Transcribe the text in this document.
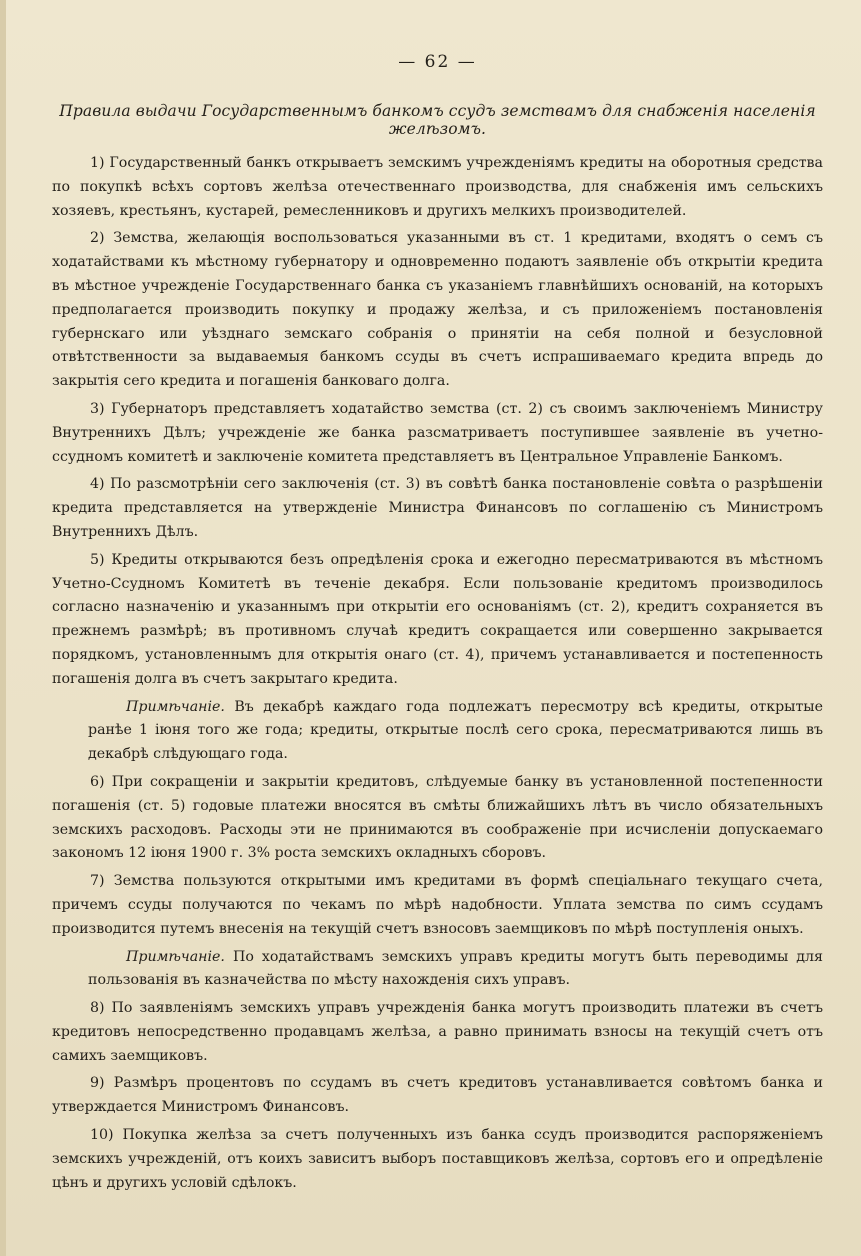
— 62 —
Правила выдачи Государственнымъ банкомъ ссудъ земствамъ для снабженія населенія желѣзомъ.

1) Государственный банкъ открываетъ земскимъ учрежденіямъ кредиты на оборотныя средства по покупкѣ всѣхъ сортовъ желѣза отечественнаго производства, для снабженія имъ сельскихъ хозяевъ, крестьянъ, кустарей, ремесленниковъ и другихъ мелкихъ производителей.

2) Земства, желающія воспользоваться указанными въ ст. 1 кредитами, входятъ о семъ съ ходатайствами къ мѣстному губернатору и одновременно подаютъ заявленіе объ открытіи кредита въ мѣстное учрежденіе Государственнаго банка съ указаніемъ главнѣйшихъ основаній, на которыхъ предполагается производить покупку и продажу желѣза, и съ приложеніемъ постановленія губернскаго или уѣзднаго земскаго собранія о принятіи на себя полной и безусловной отвѣтственности за выдаваемыя банкомъ ссуды въ счетъ испрашиваемаго кредита впредь до закрытія сего кредита и погашенія банковаго долга.

3) Губернаторъ представляетъ ходатайство земства (ст. 2) съ своимъ заключеніемъ Министру Внутреннихъ Дѣлъ; учрежденіе же банка разсматриваетъ поступившее заявленіе въ учетно-ссудномъ комитетѣ и заключеніе комитета представляетъ въ Центральное Управленіе Банкомъ.

4) По разсмотрѣніи сего заключенія (ст. 3) въ совѣтѣ банка постановленіе совѣта о разрѣшеніи кредита представляется на утвержденіе Министра Финансовъ по соглашенію съ Министромъ Внутреннихъ Дѣлъ.

5) Кредиты открываются безъ опредѣленія срока и ежегодно пересматриваются въ мѣстномъ Учетно-Ссудномъ Комитетѣ въ теченіе декабря. Если пользованіе кредитомъ производилось согласно назначенію и указаннымъ при открытіи его основаніямъ (ст. 2), кредитъ сохраняется въ прежнемъ размѣрѣ; въ противномъ случаѣ кредитъ сокращается или совершенно закрывается порядкомъ, установленнымъ для открытія онаго (ст. 4), причемъ устанавливается и постепенность погашенія долга въ счетъ закрытаго кредита.

Примѣчаніе. Въ декабрѣ каждаго года подлежатъ пересмотру всѣ кредиты, открытые ранѣе 1 іюня того же года; кредиты, открытые послѣ сего срока, пересматриваются лишь въ декабрѣ слѣдующаго года.

6) При сокращеніи и закрытіи кредитовъ, слѣдуемые банку въ установленной постепенности погашенія (ст. 5) годовые платежи вносятся въ смѣты ближайшихъ лѣтъ въ число обязательныхъ земскихъ расходовъ. Расходы эти не принимаются въ соображеніе при исчисленіи допускаемаго закономъ 12 іюня 1900 г. 3% роста земскихъ окладныхъ сборовъ.

7) Земства пользуются открытыми имъ кредитами въ формѣ спеціальнаго текущаго счета, причемъ ссуды получаются по чекамъ по мѣрѣ надобности. Уплата земства по симъ ссудамъ производится путемъ внесенія на текущій счетъ взносовъ заемщиковъ по мѣрѣ поступленія оныхъ.

Примѣчаніе. По ходатайствамъ земскихъ управъ кредиты могутъ быть переводимы для пользованія въ казначейства по мѣсту нахожденія сихъ управъ.

8) По заявленіямъ земскихъ управъ учрежденія банка могутъ производить платежи въ счетъ кредитовъ непосредственно продавцамъ желѣза, а равно принимать взносы на текущій счетъ отъ самихъ заемщиковъ.

9) Размѣръ процентовъ по ссудамъ въ счетъ кредитовъ устанавливается совѣтомъ банка и утверждается Министромъ Финансовъ.

10) Покупка желѣза за счетъ полученныхъ изъ банка ссудъ производится распоряженіемъ земскихъ учрежденій, отъ коихъ зависитъ выборъ поставщиковъ желѣза, сортовъ его и опредѣленіе цѣнъ и другихъ условій сдѣлокъ.
